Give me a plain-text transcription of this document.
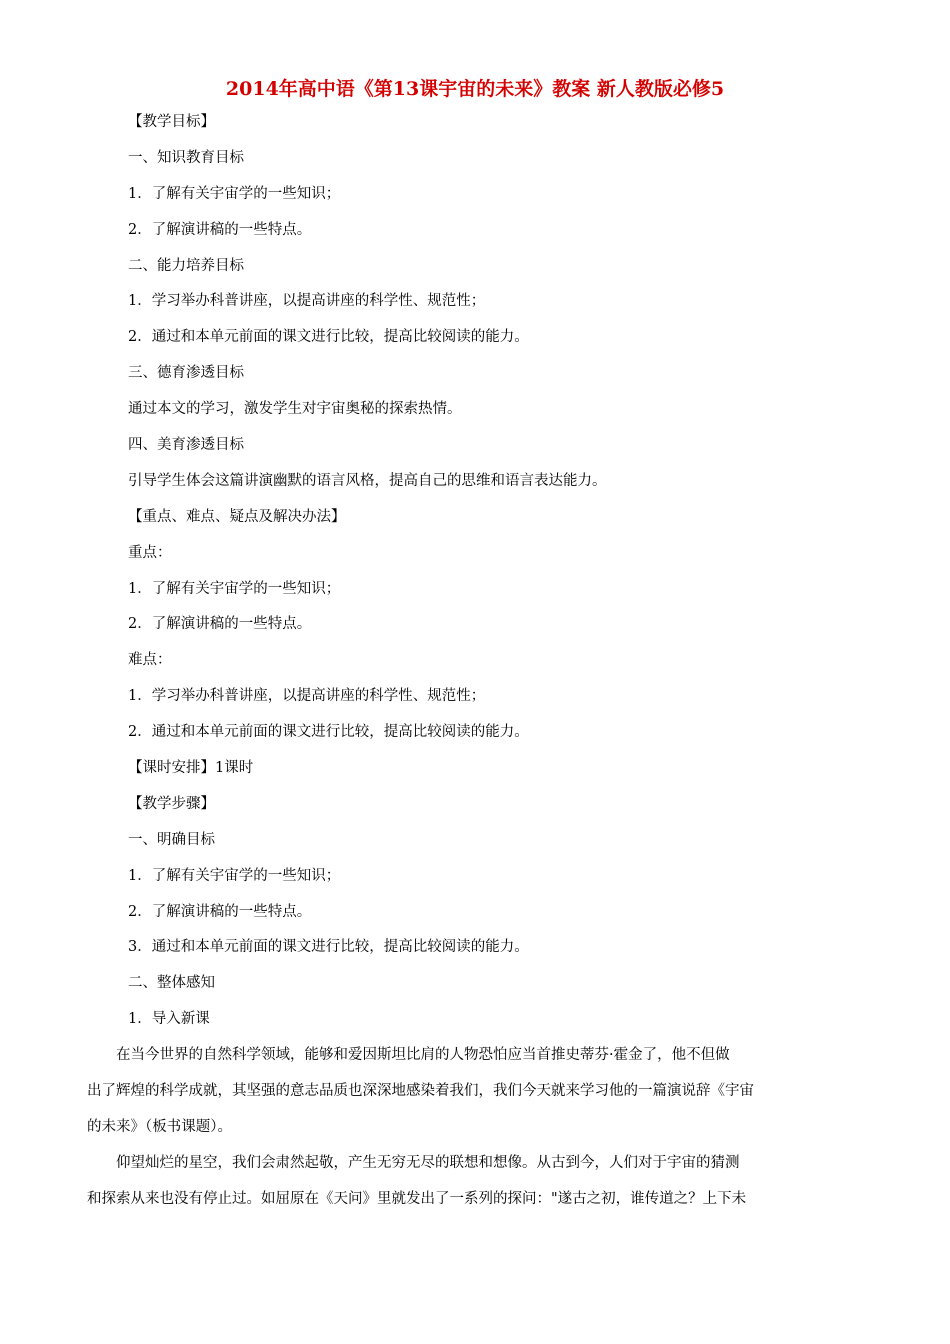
2014年高中语《第13课宇宙的未来》教案 新人教版必修5
【教学目标】
一、知识教育目标
1．了解有关宇宙学的一些知识；
2．了解演讲稿的一些特点。
二、能力培养目标
1．学习举办科普讲座，以提高讲座的科学性、规范性；
2．通过和本单元前面的课文进行比较，提高比较阅读的能力。
三、德育渗透目标
通过本文的学习，激发学生对宇宙奥秘的探索热情。
四、美育渗透目标
引导学生体会这篇讲演幽默的语言风格，提高自己的思维和语言表达能力。
【重点、难点、疑点及解决办法】
重点：
1．了解有关宇宙学的一些知识；
2．了解演讲稿的一些特点。
难点：
1．学习举办科普讲座，以提高讲座的科学性、规范性；
2．通过和本单元前面的课文进行比较，提高比较阅读的能力。
【课时安排】1课时
【教学步骤】
一、明确目标
1．了解有关宇宙学的一些知识；
2．了解演讲稿的一些特点。
3．通过和本单元前面的课文进行比较，提高比较阅读的能力。
二、整体感知
1．导入新课
　　在当今世界的自然科学领域，能够和爱因斯坦比肩的人物恐怕应当首推史蒂芬·霍金了，他不但做
出了辉煌的科学成就，其坚强的意志品质也深深地感染着我们，我们今天就来学习他的一篇演说辞《宇宙
的未来》（板书课题）。
　　仰望灿烂的星空，我们会肃然起敬，产生无穷无尽的联想和想像。从古到今，人们对于宇宙的猜测
和探索从来也没有停止过。如屈原在《天问》里就发出了一系列的探问："遂古之初，谁传道之？上下未
